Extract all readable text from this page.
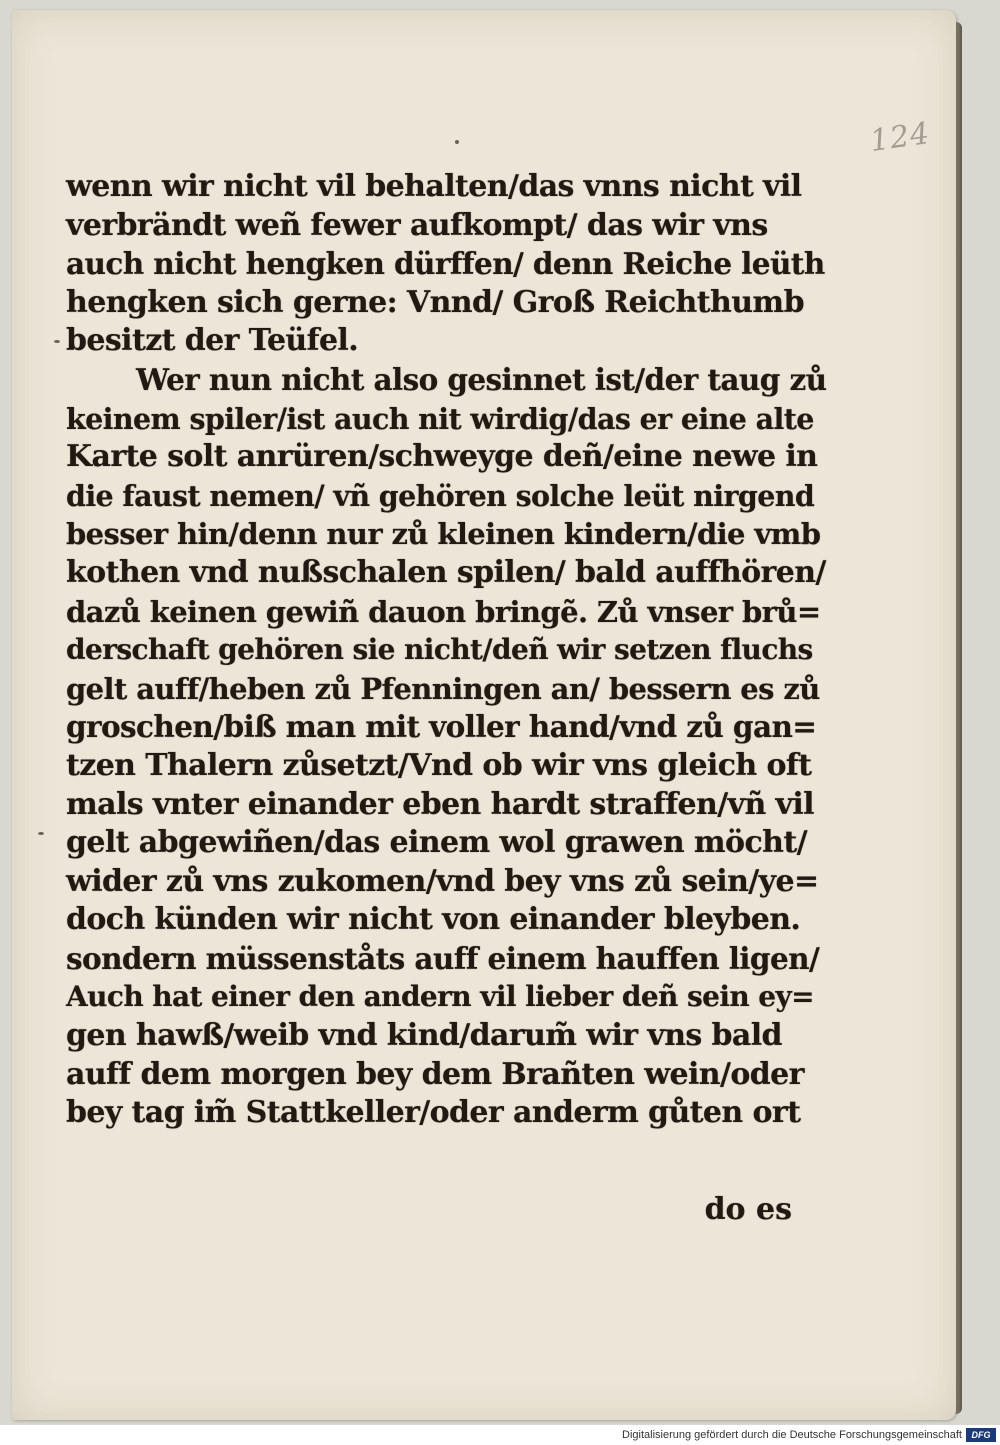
124
wenn wir nicht vil behalten/das vnns nicht vil
verbrändt weñ fewer aufkompt/ das wir vns
auch nicht hengken dürffen/ denn Reiche leüth
hengken sich gerne: Vnnd/ Groß Reichthumb
besitzt der Teüfel.
Wer nun nicht also gesinnet ist/der taug zů
keinem spiler/ist auch nit wirdig/das er eine alte
Karte solt anrüren/schweyge deñ/eine newe in
die faust nemen/ vñ gehören solche leüt nirgend
besser hin/denn nur zů kleinen kindern/die vmb
kothen vnd nußschalen spilen/ bald auffhören/
dazů keinen gewiñ dauon bringẽ. Zů vnser brů=
derschaft gehören sie nicht/deñ wir setzen fluchs
gelt auff/heben zů Pfenningen an/ bessern es zů
groschen/biß man mit voller hand/vnd zů gan=
tzen Thalern zůsetzt/Vnd ob wir vns gleich oft
mals vnter einander eben hardt straffen/vñ vil
gelt abgewiñen/das einem wol grawen möcht/
wider zů vns zukomen/vnd bey vns zů sein/ye=
doch künden wir nicht von einander bleyben.
sondern müssenståts auff einem hauffen ligen/
Auch hat einer den andern vil lieber deñ sein ey=
gen hawß/weib vnd kind/darum̃ wir vns bald
auff dem morgen bey dem Brañten wein/oder
bey tag im̃ Stattkeller/oder anderm gůten ort
do es
Digitalisierung gefördert durch die Deutsche Forschungsgemeinschaft	DFG
